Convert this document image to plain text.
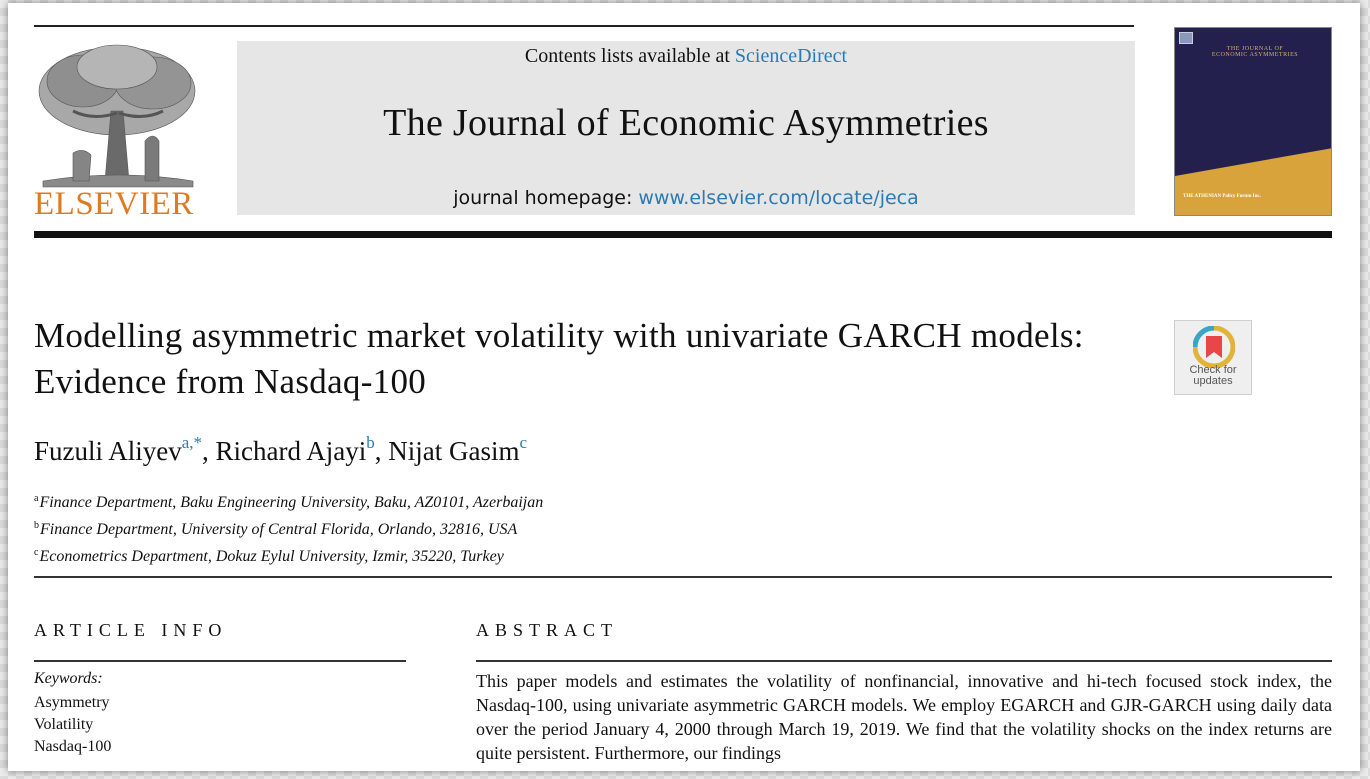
ELSEVIER
Contents lists available at ScienceDirect
The Journal of Economic Asymmetries
journal homepage: www.elsevier.com/locate/jeca
THE JOURNAL OF
ECONOMIC ASYMMETRIES
THE ATHENIAN Policy Forum Inc.
Modelling asymmetric market volatility with univariate GARCH models: Evidence from Nasdaq-100	Check for updates
Fuzuli Aliyev$^{a,*}$, Richard Ajayi$^b$, Nijat Gasim$^c$
$^a$Finance Department, Baku Engineering University, Baku, AZ0101, Azerbaijan
$^b$Finance Department, University of Central Florida, Orlando, 32816, USA
$^c$Econometrics Department, Dokuz Eylul University, Izmir, 35220, Turkey
ARTICLE INFO	ABSTRACT
Keywords:
Asymmetry
Volatility
Nasdaq-100
This paper models and estimates the volatility of nonfinancial, innovative and hi-tech focused stock index, the Nasdaq-100, using univariate asymmetric GARCH models. We employ EGARCH and GJR-GARCH using daily data over the period January 4, 2000 through March 19, 2019. We find that the volatility shocks on the index returns are quite persistent. Furthermore, our findings
